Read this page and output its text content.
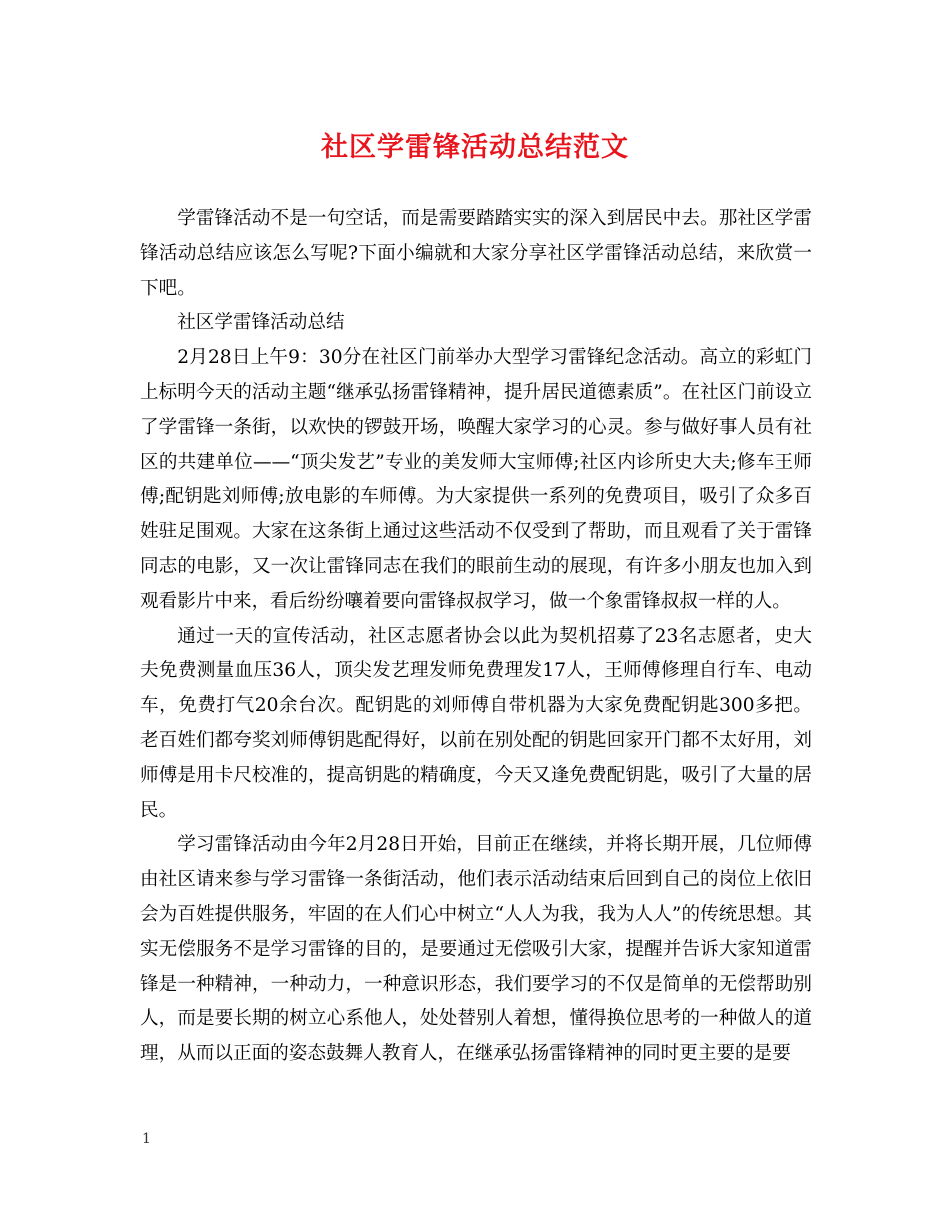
社区学雷锋活动总结范文

学雷锋活动不是一句空话，而是需要踏踏实实的深入到居民中去。那社区学雷锋活动总结应该怎么写呢?下面小编就和大家分享社区学雷锋活动总结，来欣赏一下吧。

社区学雷锋活动总结

2月28日上午9：30分在社区门前举办大型学习雷锋纪念活动。高立的彩虹门上标明今天的活动主题“继承弘扬雷锋精神，提升居民道德素质”。在社区门前设立了学雷锋一条街，以欢快的锣鼓开场，唤醒大家学习的心灵。参与做好事人员有社区的共建单位——“顶尖发艺”专业的美发师大宝师傅;社区内诊所史大夫;修车王师傅;配钥匙刘师傅;放电影的车师傅。为大家提供一系列的免费项目，吸引了众多百姓驻足围观。大家在这条街上通过这些活动不仅受到了帮助，而且观看了关于雷锋同志的电影，又一次让雷锋同志在我们的眼前生动的展现，有许多小朋友也加入到观看影片中来，看后纷纷嚷着要向雷锋叔叔学习，做一个象雷锋叔叔一样的人。

通过一天的宣传活动，社区志愿者协会以此为契机招募了23名志愿者，史大夫免费测量血压36人，顶尖发艺理发师免费理发17人，王师傅修理自行车、电动车，免费打气20余台次。配钥匙的刘师傅自带机器为大家免费配钥匙300多把。老百姓们都夸奖刘师傅钥匙配得好，以前在别处配的钥匙回家开门都不太好用，刘师傅是用卡尺校准的，提高钥匙的精确度，今天又逢免费配钥匙，吸引了大量的居民。

学习雷锋活动由今年2月28日开始，目前正在继续，并将长期开展，几位师傅由社区请来参与学习雷锋一条街活动，他们表示活动结束后回到自己的岗位上依旧会为百姓提供服务，牢固的在人们心中树立“人人为我，我为人人”的传统思想。其实无偿服务不是学习雷锋的目的，是要通过无偿吸引大家，提醒并告诉大家知道雷锋是一种精神，一种动力，一种意识形态，我们要学习的不仅是简单的无偿帮助别人，而是要长期的树立心系他人，处处替别人着想，懂得换位思考的一种做人的道理，从而以正面的姿态鼓舞人教育人，在继承弘扬雷锋精神的同时更主要的是要

1
